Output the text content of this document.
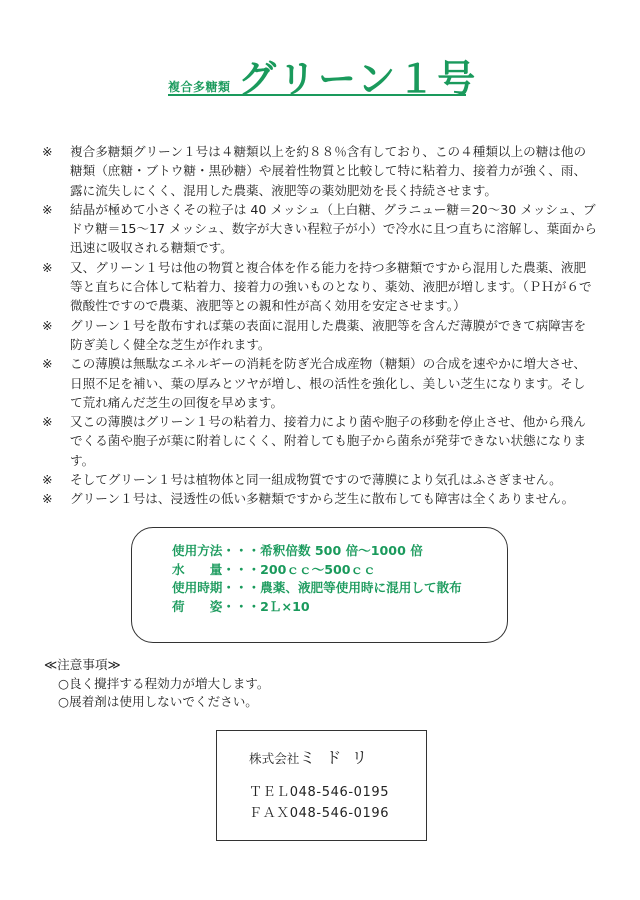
複合多糖類 グリーン１号
※	複合多糖類グリーン１号は４糖類以上を約８８％含有しており、この４種類以上の糖は他の糖類（庶糖・ブトウ糖・黒砂糖）や展着性物質と比較して特に粘着力、接着力が強く、雨、露に流失しにくく、混用した農薬、液肥等の薬効肥効を長く持続させます。
※	結晶が極めて小さくその粒子は 40 メッシュ（上白糖、グラニュー糖＝20～30 メッシュ、ブドウ糖＝15～17 メッシュ、数字が大きい程粒子が小）で冷水に且つ直ちに溶解し、葉面から迅速に吸収される糖類です。
※	又、グリーン１号は他の物質と複合体を作る能力を持つ多糖類ですから混用した農薬、液肥等と直ちに合体して粘着力、接着力の強いものとなり、薬効、液肥が増します。（ＰＨが６で微酸性ですので農薬、液肥等との親和性が高く効用を安定させます。）
※	グリーン１号を散布すれば葉の表面に混用した農薬、液肥等を含んだ薄膜ができて病障害を防ぎ美しく健全な芝生が作れます。
※	この薄膜は無駄なエネルギーの消耗を防ぎ光合成産物（糖類）の合成を速やかに増大させ、日照不足を補い、葉の厚みとツヤが増し、根の活性を強化し、美しい芝生になります。そして荒れ痛んだ芝生の回復を早めます。
※	又この薄膜はグリーン１号の粘着力、接着力により菌や胞子の移動を停止させ、他から飛んでくる菌や胞子が葉に附着しにくく、附着しても胞子から菌糸が発芽できない状態になります。
※	そしてグリーン１号は植物体と同一組成物質ですので薄膜により気孔はふさぎません。
※	グリーン１号は、浸透性の低い多糖類ですから芝生に散布しても障害は全くありません。
使用方法・・・希釈倍数 500 倍～1000 倍
水　　量・・・200ｃｃ～500ｃｃ
使用時期・・・農薬、液肥等使用時に混用して散布
荷　　姿・・・2Ｌ×10
≪注意事項≫
○良く攪拌する程効力が増大します。
○展着剤は使用しないでください。
株式会社ミドリ
ＴＥＬ048-546-0195
ＦＡＸ048-546-0196
